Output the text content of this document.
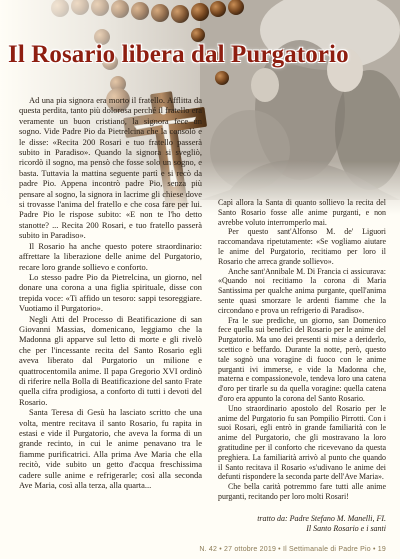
Il Rosario libera dal Purgatorio

Ad una pia signora era morto il fratello. Afflitta da questa perdita, tanto più dolorosa perché il fratello era veramente un buon cristiano, la signora fece un sogno. Vide Padre Pio da Pietrelcina che la consolò e le disse: «Recita 200 Rosari e tuo fratello passerà subito in Paradiso». Quando la signora si svegliò, ricordò il sogno, ma pensò che fosse solo un sogno, e basta. Tuttavia la mattina seguente partì e si recò da padre Pio. Appena incontrò padre Pio, senza più pensare al sogno, la signora in lacrime gli chiese dove si trovasse l'anima del fratello e che cosa fare per lui. Padre Pio le rispose subito: «E non te l'ho detto stanotte? ... Recita 200 Rosari, e tuo fratello passerà subito in Paradiso».

Il Rosario ha anche questo potere straordinario: affrettare la liberazione delle anime del Purgatorio, recare loro grande sollievo e conforto.

Lo stesso padre Pio da Pietrelcina, un giorno, nel donare una corona a una figlia spirituale, disse con trepida voce: «Ti affido un tesoro: sappi tesoreggiare. Vuotiamo il Purgatorio».

Negli Atti del Processo di Beatificazione di san Giovanni Massias, domenicano, leggiamo che la Madonna gli apparve sul letto di morte e gli rivelò che per l'incessante recita del Santo Rosario egli aveva liberato dal Purgatorio un milione e quattrocentomila anime. Il papa Gregorio XVI ordinò di riferire nella Bolla di Beatificazione del santo Frate quella cifra prodigiosa, a conforto di tutti i devoti del Rosario.

Santa Teresa di Gesù ha lasciato scritto che una volta, mentre recitava il santo Rosario, fu rapita in estasi e vide il Purgatorio, che aveva la forma di un grande recinto, in cui le anime penavano tra le fiamme purificatrici. Alla prima Ave Maria che ella recitò, vide subito un getto d'acqua freschissima cadere sulle anime e refrigerarle; così alla seconda Ave Maria, così alla terza, alla quarta...

Capì allora la Santa di quanto sollievo la recita del Santo Rosario fosse alle anime purganti, e non avrebbe voluto interromperlo mai.

Per questo sant'Alfonso M. de' Liguori raccomandava ripetutamente: «Se vogliamo aiutare le anime del Purgatorio, recitiamo per loro il Rosario che arreca grande sollievo».

Anche sant'Annibale M. Di Francia ci assicurava: «Quando noi recitiamo la corona di Maria Santissima per qualche anima purgante, quell'anima sente quasi smorzare le ardenti fiamme che la circondano e prova un refrigerio di Paradiso».

Fra le sue prediche, un giorno, san Domenico fece quella sui benefici del Rosario per le anime del Purgatorio. Ma uno dei presenti si mise a deriderlo, scettico e beffardo. Durante la notte, però, questo tale sognò una voragine di fuoco con le anime purganti ivi immerse, e vide la Madonna che, materna e compassionevole, tendeva loro una catena d'oro per tirarle su da quella voragine: quella catena d'oro era appunto la corona del Santo Rosario.

Uno straordinario apostolo del Rosario per le anime del Purgatorio fu san Pompilio Pirrotti. Con i suoi Rosari, egli entrò in grande familiarità con le anime del Purgatorio, che gli mostravano la loro gratitudine per il conforto che ricevevano da questa preghiera. La familiarità arrivò al punto che quando il Santo recitava il Rosario «s'udivano le anime dei defunti rispondere la seconda parte dell'Ave Maria».

Che bella carità potremmo fare tutti alle anime purganti, recitando per loro molti Rosari!

tratto da: Padre Stefano M. Manelli, FI.
Il Santo Rosario e i santi
N. 42 • 27 ottobre 2019 • Il Settimanale di Padre Pio • 19
